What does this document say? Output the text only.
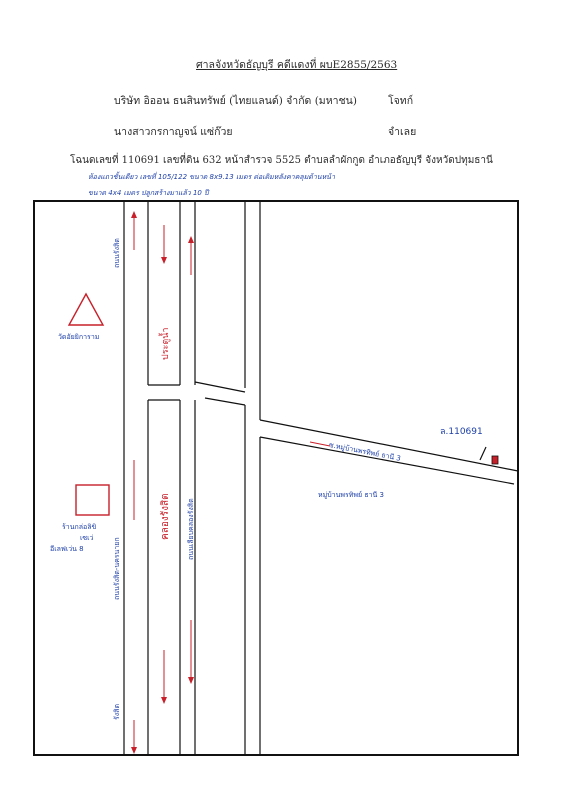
ศาลจังหวัดธัญบุรี คดีแดงที่ ผบE2855/2563
บริษัท อิออน ธนสินทรัพย์ (ไทยแลนด์) จำกัด (มหาชน)	โจทก์
นางสาวกรกาญจน์ แซ่ก๊วย	จำเลย
โฉนดเลขที่ 110691 เลขที่ดิน 632 หน้าสำรวจ 5525 ตำบลลำผักกูด อำเภอธัญบุรี จังหวัดปทุมธานี
ห้องแถวชั้นเดียว เลขที่ 105/122 ขนาด 8x9.13 เมตร ต่อเติมหลังคาคลุมด้านหน้า
ขนาด 4x4 เมตร ปลูกสร้างมาแล้ว 10 ปี
วัดอัยยิการาม
ร้านกล่อลิขิ
เซเว่
อีเลฟเว่น 8
ถนนรังสิต
ถนนรังสิต-นครนายก
รังสิต
ประตูน้ำ
คลองรังสิต ถนนเลียบคลองรังสิต
ล.110691
ซ.หมู่บ้านพรทิพย์ ธานี 3
หมู่บ้านพรทิพย์ ธานี 3
